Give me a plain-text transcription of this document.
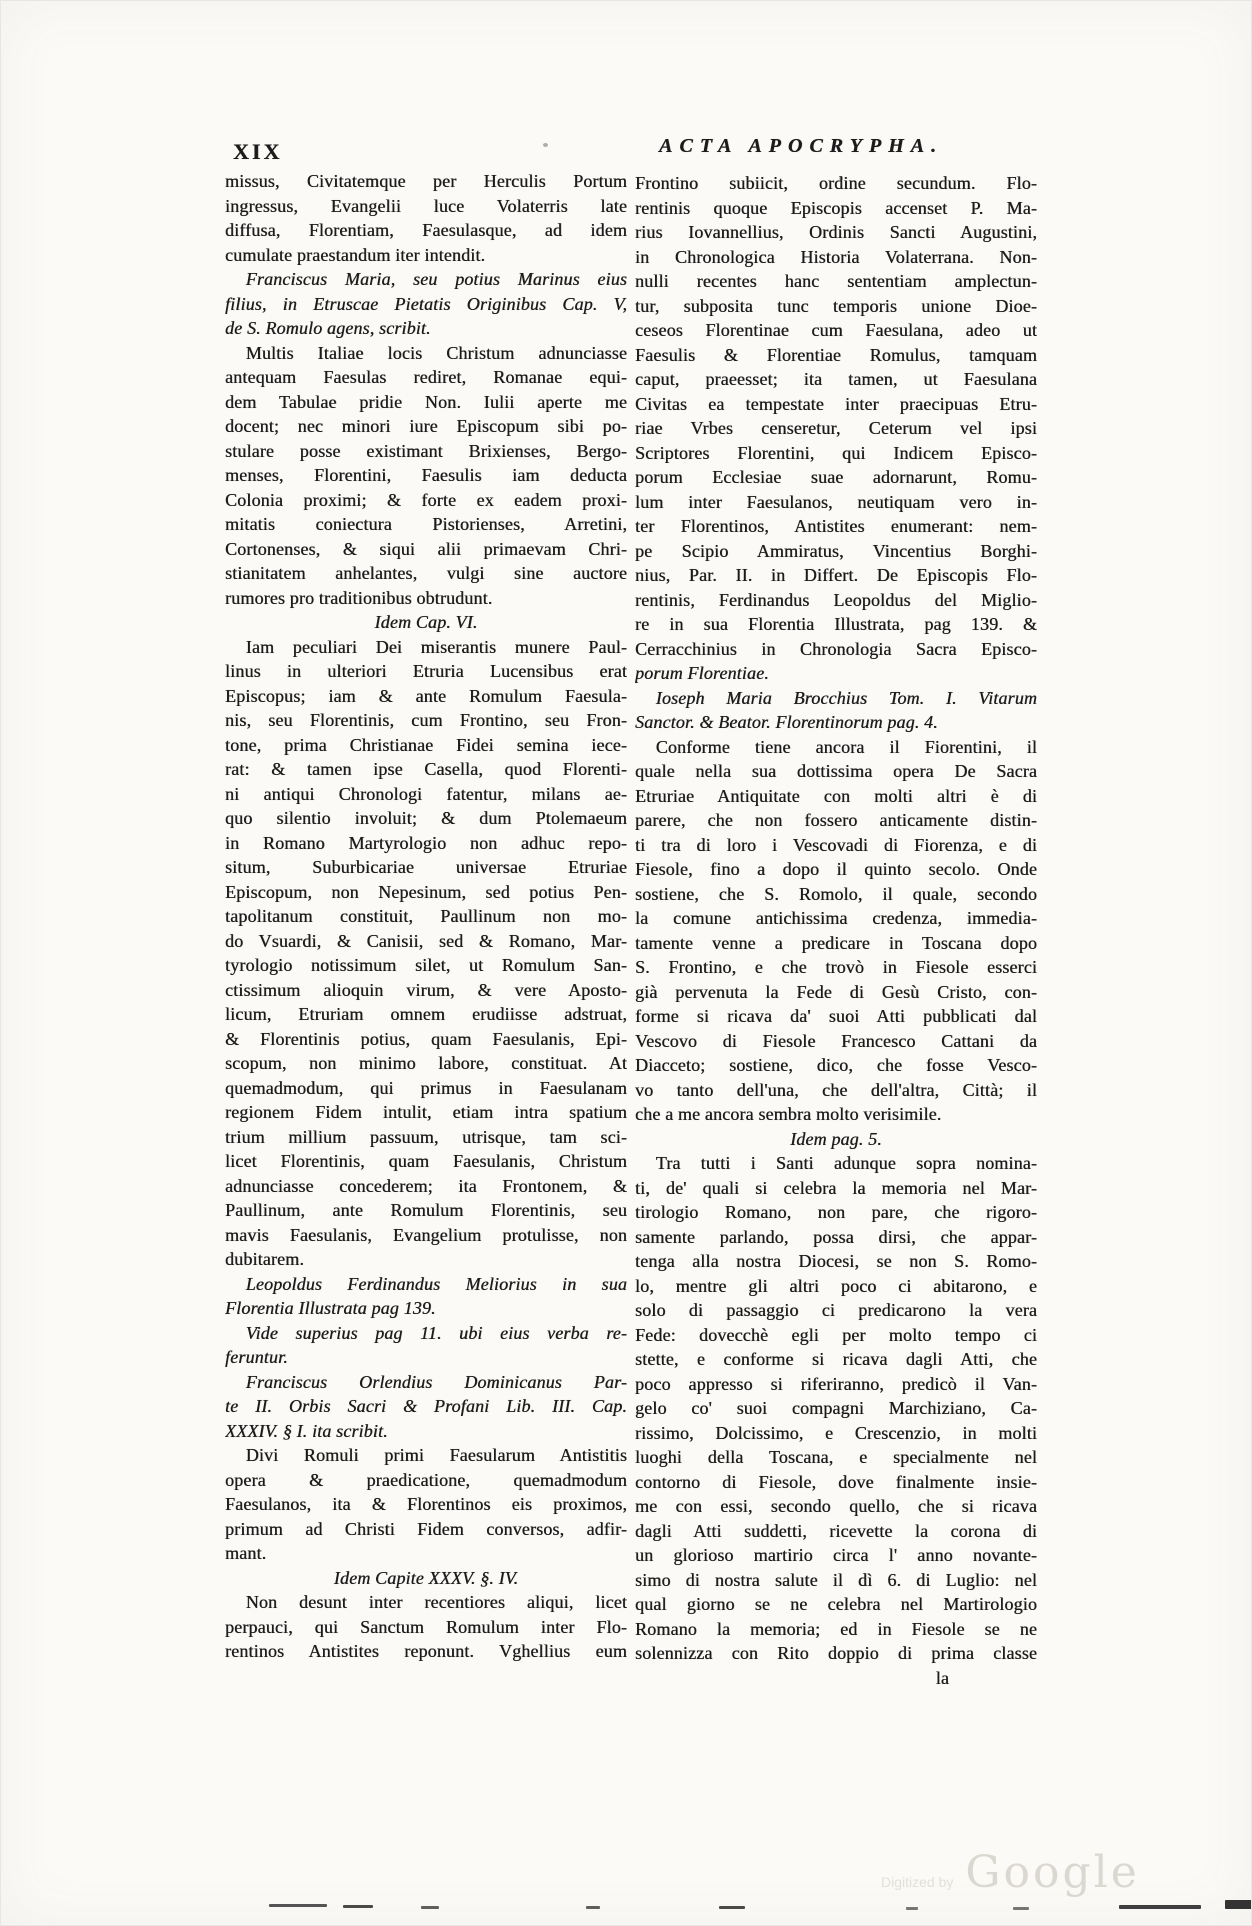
XIX	ACTA APOCRYPHA.
missus, Civitatemque per Herculis Portum
ingressus, Evangelii luce Volaterris late
diffusa, Florentiam, Faesulasque, ad idem
cumulate praestandum iter intendit.
Franciscus Maria, seu potius Marinus eius
filius, in Etruscae Pietatis Originibus Cap. V,
de S. Romulo agens, scribit.
Multis Italiae locis Christum adnunciasse
antequam Faesulas rediret, Romanae equi-
dem Tabulae pridie Non. Iulii aperte me
docent; nec minori iure Episcopum sibi po-
stulare posse existimant Brixienses, Bergo-
menses, Florentini, Faesulis iam deducta
Colonia proximi; & forte ex eadem proxi-
mitatis coniectura Pistorienses, Arretini,
Cortonenses, & siqui alii primaevam Chri-
stianitatem anhelantes, vulgi sine auctore
rumores pro traditionibus obtrudunt.
Idem Cap. VI.
Iam peculiari Dei miserantis munere Paul-
linus in ulteriori Etruria Lucensibus erat
Episcopus; iam & ante Romulum Faesula-
nis, seu Florentinis, cum Frontino, seu Fron-
tone, prima Christianae Fidei semina iece-
rat: & tamen ipse Casella, quod Florenti-
ni antiqui Chronologi fatentur, milans ae-
quo silentio involuit; & dum Ptolemaeum
in Romano Martyrologio non adhuc repo-
situm, Suburbicariae universae Etruriae
Episcopum, non Nepesinum, sed potius Pen-
tapolitanum constituit, Paullinum non mo-
do Vsuardi, & Canisii, sed & Romano, Mar-
tyrologio notissimum silet, ut Romulum San-
ctissimum alioquin virum, & vere Aposto-
licum, Etruriam omnem erudiisse adstruat,
& Florentinis potius, quam Faesulanis, Epi-
scopum, non minimo labore, constituat. At
quemadmodum, qui primus in Faesulanam
regionem Fidem intulit, etiam intra spatium
trium millium passuum, utrisque, tam sci-
licet Florentinis, quam Faesulanis, Christum
adnunciasse concederem; ita Frontonem, &
Paullinum, ante Romulum Florentinis, seu
mavis Faesulanis, Evangelium protulisse, non
dubitarem.
Leopoldus Ferdinandus Meliorius in sua
Florentia Illustrata pag 139.
Vide superius pag 11. ubi eius verba re-
feruntur.
Franciscus Orlendius Dominicanus Par-
te II. Orbis Sacri & Profani Lib. III. Cap.
XXXIV. § I. ita scribit.
Divi Romuli primi Faesularum Antistitis
opera & praedicatione, quemadmodum
Faesulanos, ita & Florentinos eis proximos,
primum ad Christi Fidem conversos, adfir-
mant.
Idem Capite XXXV. §. IV.
Non desunt inter recentiores aliqui, licet
perpauci, qui Sanctum Romulum inter Flo-
rentinos Antistites reponunt. Vghellius eum
Frontino subiicit, ordine secundum. Flo-
rentinis quoque Episcopis accenset P. Ma-
rius Iovannellius, Ordinis Sancti Augustini,
in Chronologica Historia Volaterrana. Non-
nulli recentes hanc sententiam amplectun-
tur, subposita tunc temporis unione Dioe-
ceseos Florentinae cum Faesulana, adeo ut
Faesulis & Florentiae Romulus, tamquam
caput, praeesset; ita tamen, ut Faesulana
Civitas ea tempestate inter praecipuas Etru-
riae Vrbes censeretur, Ceterum vel ipsi
Scriptores Florentini, qui Indicem Episco-
porum Ecclesiae suae adornarunt, Romu-
lum inter Faesulanos, neutiquam vero in-
ter Florentinos, Antistites enumerant: nem-
pe Scipio Ammiratus, Vincentius Borghi-
nius, Par. II. in Differt. De Episcopis Flo-
rentinis, Ferdinandus Leopoldus del Miglio-
re in sua Florentia Illustrata, pag 139. &
Cerracchinius in Chronologia Sacra Episco-
porum Florentiae.
Ioseph Maria Brocchius Tom. I. Vitarum
Sanctor. & Beator. Florentinorum pag. 4.
Conforme tiene ancora il Fiorentini, il
quale nella sua dottissima opera De Sacra
Etruriae Antiquitate con molti altri è di
parere, che non fossero anticamente distin-
ti tra di loro i Vescovadi di Fiorenza, e di
Fiesole, fino a dopo il quinto secolo. Onde
sostiene, che S. Romolo, il quale, secondo
la comune antichissima credenza, immedia-
tamente venne a predicare in Toscana dopo
S. Frontino, e che trovò in Fiesole esserci
già pervenuta la Fede di Gesù Cristo, con-
forme si ricava da' suoi Atti pubblicati dal
Vescovo di Fiesole Francesco Cattani da
Diacceto; sostiene, dico, che fosse Vesco-
vo tanto dell'una, che dell'altra, Città; il
che a me ancora sembra molto verisimile.
Idem pag. 5.
Tra tutti i Santi adunque sopra nomina-
ti, de' quali si celebra la memoria nel Mar-
tirologio Romano, non pare, che rigoro-
samente parlando, possa dirsi, che appar-
tenga alla nostra Diocesi, se non S. Romo-
lo, mentre gli altri poco ci abitarono, e
solo di passaggio ci predicarono la vera
Fede: dovecchè egli per molto tempo ci
stette, e conforme si ricava dagli Atti, che
poco appresso si riferiranno, predicò il Van-
gelo co' suoi compagni Marchiziano, Ca-
rissimo, Dolcissimo, e Crescenzio, in molti
luoghi della Toscana, e specialmente nel
contorno di Fiesole, dove finalmente insie-
me con essi, secondo quello, che si ricava
dagli Atti suddetti, ricevette la corona di
un glorioso martirio circa l' anno novante-
simo di nostra salute il dì 6. di Luglio: nel
qual giorno se ne celebra nel Martirologio
Romano la memoria; ed in Fiesole se ne
solennizza con Rito doppio di prima classe
la
Digitized by Google
